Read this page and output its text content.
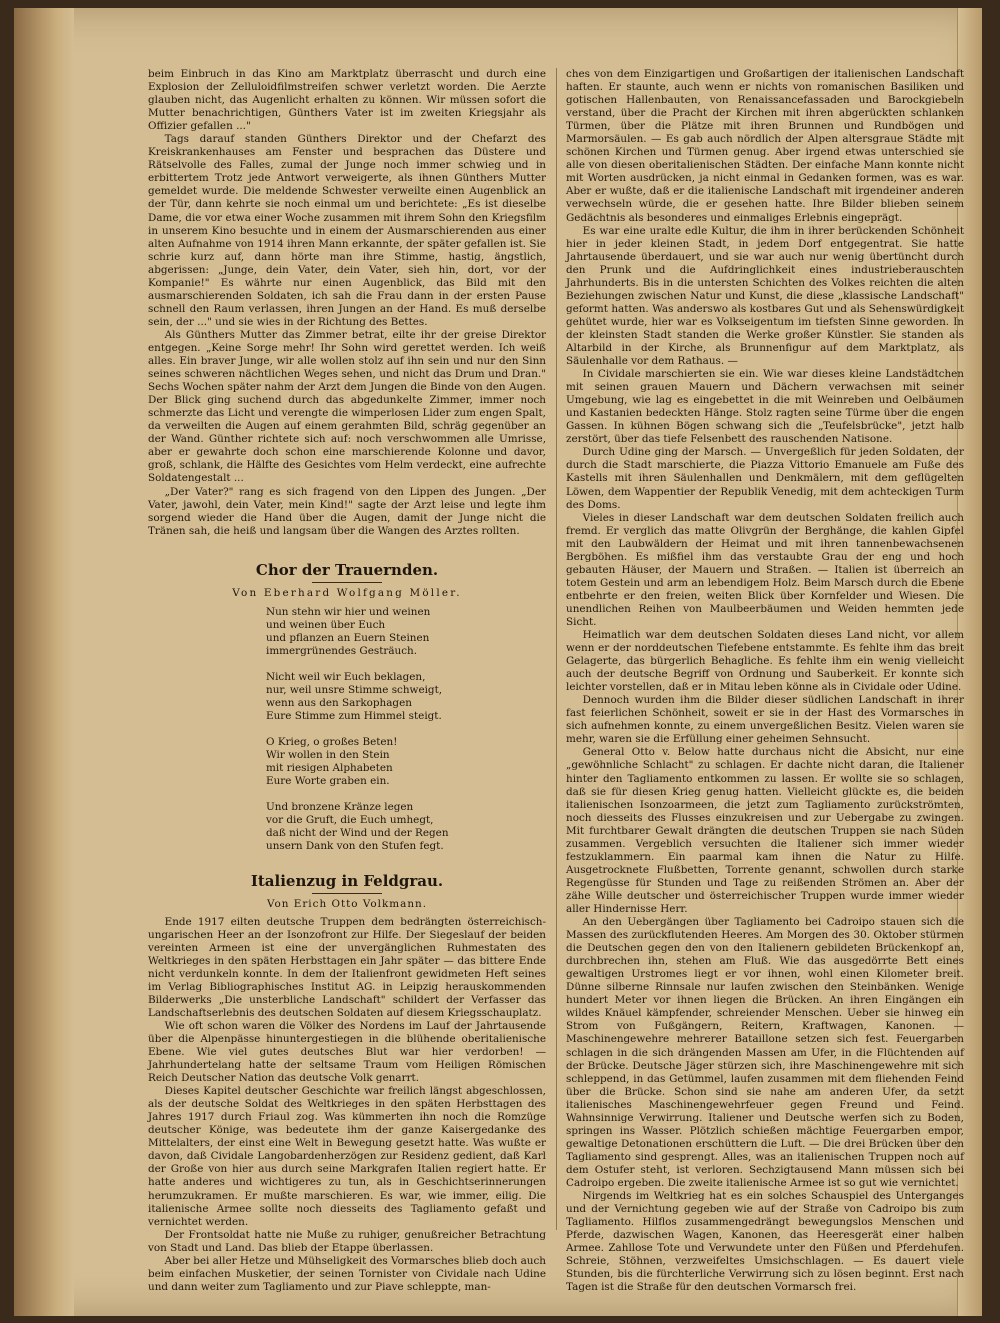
beim Einbruch in das Kino am Marktplatz überrascht und durch eine Explosion der Zelluloidfilmstreifen schwer verletzt worden. Die Aerzte glauben nicht, das Augenlicht erhalten zu können. Wir müssen sofort die Mutter benachrichtigen, Günthers Vater ist im zweiten Kriegsjahr als Offizier gefallen ..."

Tags darauf standen Günthers Direktor und der Chefarzt des Kreiskrankenhauses am Fenster und besprachen das Düstere und Rätselvolle des Falles, zumal der Junge noch immer schwieg und in erbittertem Trotz jede Antwort verweigerte, als ihnen Günthers Mutter gemeldet wurde. Die meldende Schwester verweilte einen Augenblick an der Tür, dann kehrte sie noch einmal um und berichtete: „Es ist dieselbe Dame, die vor etwa einer Woche zusammen mit ihrem Sohn den Kriegsfilm in unserem Kino besuchte und in einem der Ausmarschierenden aus einer alten Aufnahme von 1914 ihren Mann erkannte, der später gefallen ist. Sie schrie kurz auf, dann hörte man ihre Stimme, hastig, ängstlich, abgerissen: „Junge, dein Vater, dein Vater, sieh hin, dort, vor der Kompanie!" Es währte nur einen Augenblick, das Bild mit den ausmarschierenden Soldaten, ich sah die Frau dann in der ersten Pause schnell den Raum verlassen, ihren Jungen an der Hand. Es muß derselbe sein, der ..." und sie wies in der Richtung des Bettes.

Als Günthers Mutter das Zimmer betrat, eilte ihr der greise Direktor entgegen. „Keine Sorge mehr! Ihr Sohn wird gerettet werden. Ich weiß alles. Ein braver Junge, wir alle wollen stolz auf ihn sein und nur den Sinn seines schweren nächtlichen Weges sehen, und nicht das Drum und Dran." Sechs Wochen später nahm der Arzt dem Jungen die Binde von den Augen. Der Blick ging suchend durch das abgedunkelte Zimmer, immer noch schmerzte das Licht und verengte die wimperlosen Lider zum engen Spalt, da verweilten die Augen auf einem gerahmten Bild, schräg gegenüber an der Wand. Günther richtete sich auf: noch verschwommen alle Umrisse, aber er gewahrte doch schon eine marschierende Kolonne und davor, groß, schlank, die Hälfte des Gesichtes vom Helm verdeckt, eine aufrechte Soldatengestalt ...

„Der Vater?" rang es sich fragend von den Lippen des Jungen. „Der Vater, jawohl, dein Vater, mein Kind!" sagte der Arzt leise und legte ihm sorgend wieder die Hand über die Augen, damit der Junge nicht die Tränen sah, die heiß und langsam über die Wangen des Arztes rollten.

Chor der Trauernden.
Von Eberhard Wolfgang Möller.
Nun stehn wir hier und weinen
und weinen über Euch
und pflanzen an Euern Steinen
immergrünendes Gesträuch.
Nicht weil wir Euch beklagen,
nur, weil unsre Stimme schweigt,
wenn aus den Sarkophagen
Eure Stimme zum Himmel steigt.
O Krieg, o großes Beten!
Wir wollen in den Stein
mit riesigen Alphabeten
Eure Worte graben ein.
Und bronzene Kränze legen
vor die Gruft, die Euch umhegt,
daß nicht der Wind und der Regen
unsern Dank von den Stufen fegt.
Italienzug in Feldgrau.
Von Erich Otto Volkmann.

Ende 1917 eilten deutsche Truppen dem bedrängten österreichisch-ungarischen Heer an der Isonzofront zur Hilfe. Der Siegeslauf der beiden vereinten Armeen ist eine der unvergänglichen Ruhmestaten des Weltkrieges in den späten Herbsttagen ein Jahr später — das bittere Ende nicht verdunkeln konnte. In dem der Italienfront gewidmeten Heft seines im Verlag Bibliographisches Institut AG. in Leipzig herauskommenden Bilderwerks „Die unsterbliche Landschaft" schildert der Verfasser das Landschaftserlebnis des deutschen Soldaten auf diesem Kriegsschauplatz.

Wie oft schon waren die Völker des Nordens im Lauf der Jahrtausende über die Alpenpässe hinuntergestiegen in die blühende oberitalienische Ebene. Wie viel gutes deutsches Blut war hier verdorben! — Jahrhundertelang hatte der seltsame Traum vom Heiligen Römischen Reich Deutscher Nation das deutsche Volk genarrt.

Dieses Kapitel deutscher Geschichte war freilich längst abgeschlossen, als der deutsche Soldat des Weltkrieges in den späten Herbsttagen des Jahres 1917 durch Friaul zog. Was kümmerten ihn noch die Romzüge deutscher Könige, was bedeutete ihm der ganze Kaisergedanke des Mittelalters, der einst eine Welt in Bewegung gesetzt hatte. Was wußte er davon, daß Cividale Langobardenherzögen zur Residenz gedient, daß Karl der Große von hier aus durch seine Markgrafen Italien regiert hatte. Er hatte anderes und wichtigeres zu tun, als in Geschichtserinnerungen herumzukramen. Er mußte marschieren. Es war, wie immer, eilig. Die italienische Armee sollte noch diesseits des Tagliamento gefaßt und vernichtet werden.

Der Frontsoldat hatte nie Muße zu ruhiger, genußreicher Betrachtung von Stadt und Land. Das blieb der Etappe überlassen.

Aber bei aller Hetze und Mühseligkeit des Vormarsches blieb doch auch beim einfachen Musketier, der seinen Tornister von Cividale nach Udine und dann weiter zum Tagliamento und zur Piave schleppte, man-

ches von dem Einzigartigen und Großartigen der italienischen Landschaft haften. Er staunte, auch wenn er nichts von romanischen Basiliken und gotischen Hallenbauten, von Renaissancefassaden und Barockgiebeln verstand, über die Pracht der Kirchen mit ihren abgerückten schlanken Türmen, über die Plätze mit ihren Brunnen und Rundbögen und Marmorsäulen. — Es gab auch nördlich der Alpen altersgraue Städte mit schönen Kirchen und Türmen genug. Aber irgend etwas unterschied sie alle von diesen oberitalienischen Städten. Der einfache Mann konnte nicht mit Worten ausdrücken, ja nicht einmal in Gedanken formen, was es war. Aber er wußte, daß er die italienische Landschaft mit irgendeiner anderen verwechseln würde, die er gesehen hatte. Ihre Bilder blieben seinem Gedächtnis als besonderes und einmaliges Erlebnis eingeprägt.

Es war eine uralte edle Kultur, die ihm in ihrer berückenden Schönheit hier in jeder kleinen Stadt, in jedem Dorf entgegentrat. Sie hatte Jahrtausende überdauert, und sie war auch nur wenig übertüncht durch den Prunk und die Aufdringlichkeit eines industrieberauschten Jahrhunderts. Bis in die untersten Schichten des Volkes reichten die alten Beziehungen zwischen Natur und Kunst, die diese „klassische Landschaft" geformt hatten. Was anderswo als kostbares Gut und als Sehenswürdigkeit gehütet wurde, hier war es Volkseigentum im tiefsten Sinne geworden. In der kleinsten Stadt standen die Werke großer Künstler. Sie standen als Altarbild in der Kirche, als Brunnenfigur auf dem Marktplatz, als Säulenhalle vor dem Rathaus. —

In Cividale marschierten sie ein. Wie war dieses kleine Landstädtchen mit seinen grauen Mauern und Dächern verwachsen mit seiner Umgebung, wie lag es eingebettet in die mit Weinreben und Oelbäumen und Kastanien bedeckten Hänge. Stolz ragten seine Türme über die engen Gassen. In kühnen Bögen schwang sich die „Teufelsbrücke", jetzt halb zerstört, über das tiefe Felsenbett des rauschenden Natisone.

Durch Udine ging der Marsch. — Unvergeßlich für jeden Soldaten, der durch die Stadt marschierte, die Piazza Vittorio Emanuele am Fuße des Kastells mit ihren Säulenhallen und Denkmälern, mit dem geflügelten Löwen, dem Wappentier der Republik Venedig, mit dem achteckigen Turm des Doms.

Vieles in dieser Landschaft war dem deutschen Soldaten freilich auch fremd. Er verglich das matte Olivgrün der Berghänge, die kahlen Gipfel mit den Laubwäldern der Heimat und mit ihren tannenbewachsenen Bergböhen. Es mißfiel ihm das verstaubte Grau der eng und hoch gebauten Häuser, der Mauern und Straßen. — Italien ist überreich an totem Gestein und arm an lebendigem Holz. Beim Marsch durch die Ebene entbehrte er den freien, weiten Blick über Kornfelder und Wiesen. Die unendlichen Reihen von Maulbeerbäumen und Weiden hemmten jede Sicht.

Heimatlich war dem deutschen Soldaten dieses Land nicht, vor allem wenn er der norddeutschen Tiefebene entstammte. Es fehlte ihm das breit Gelagerte, das bürgerlich Behagliche. Es fehlte ihm ein wenig vielleicht auch der deutsche Begriff von Ordnung und Sauberkeit. Er konnte sich leichter vorstellen, daß er in Mitau leben könne als in Cividale oder Udine.

Dennoch wurden ihm die Bilder dieser südlichen Landschaft in ihrer fast feierlichen Schönheit, soweit er sie in der Hast des Vormarsches in sich aufnehmen konnte, zu einem unvergeßlichen Besitz. Vielen waren sie mehr, waren sie die Erfüllung einer geheimen Sehnsucht.

General Otto v. Below hatte durchaus nicht die Absicht, nur eine „gewöhnliche Schlacht" zu schlagen. Er dachte nicht daran, die Italiener hinter den Tagliamento entkommen zu lassen. Er wollte sie so schlagen, daß sie für diesen Krieg genug hatten. Vielleicht glückte es, die beiden italienischen Isonzoarmeen, die jetzt zum Tagliamento zurückströmten, noch diesseits des Flusses einzukreisen und zur Uebergabe zu zwingen. Mit furchtbarer Gewalt drängten die deutschen Truppen sie nach Süden zusammen. Vergeblich versuchten die Italiener sich immer wieder festzuklammern. Ein paarmal kam ihnen die Natur zu Hilfe. Ausgetrocknete Flußbetten, Torrente genannt, schwollen durch starke Regengüsse für Stunden und Tage zu reißenden Strömen an. Aber der zähe Wille deutscher und österreichischer Truppen wurde immer wieder aller Hindernisse Herr.

An den Uebergängen über Tagliamento bei Cadroipo stauen sich die Massen des zurückflutenden Heeres. Am Morgen des 30. Oktober stürmen die Deutschen gegen den von den Italienern gebildeten Brückenkopf an, durchbrechen ihn, stehen am Fluß. Wie das ausgedörrte Bett eines gewaltigen Urstromes liegt er vor ihnen, wohl einen Kilometer breit. Dünne silberne Rinnsale nur laufen zwischen den Steinbänken. Wenige hundert Meter vor ihnen liegen die Brücken. An ihren Eingängen ein wildes Knäuel kämpfender, schreiender Menschen. Ueber sie hinweg ein Strom von Fußgängern, Reitern, Kraftwagen, Kanonen. — Maschinengewehre mehrerer Bataillone setzen sich fest. Feuergarben schlagen in die sich drängenden Massen am Ufer, in die Flüchtenden auf der Brücke. Deutsche Jäger stürzen sich, ihre Maschinengewehre mit sich schleppend, in das Getümmel, laufen zusammen mit dem fliehenden Feind über die Brücke. Schon sind sie nahe am anderen Ufer, da setzt italienisches Maschinengewehrfeuer gegen Freund und Feind. Wahnsinnige Verwirrung. Italiener und Deutsche werfen sich zu Boden, springen ins Wasser. Plötzlich schießen mächtige Feuergarben empor, gewaltige Detonationen erschüttern die Luft. — Die drei Brücken über den Tagliamento sind gesprengt. Alles, was an italienischen Truppen noch auf dem Ostufer steht, ist verloren. Sechzigtausend Mann müssen sich bei Cadroipo ergeben. Die zweite italienische Armee ist so gut wie vernichtet.

Nirgends im Weltkrieg hat es ein solches Schauspiel des Unterganges und der Vernichtung gegeben wie auf der Straße von Cadroipo bis zum Tagliamento. Hilflos zusammengedrängt bewegungslos Menschen und Pferde, dazwischen Wagen, Kanonen, das Heeresgerät einer halben Armee. Zahllose Tote und Verwundete unter den Füßen und Pferdehufen. Schreie, Stöhnen, verzweifeltes Umsichschlagen. — Es dauert viele Stunden, bis die fürchterliche Verwirrung sich zu lösen beginnt. Erst nach Tagen ist die Straße für den deutschen Vormarsch frei.
